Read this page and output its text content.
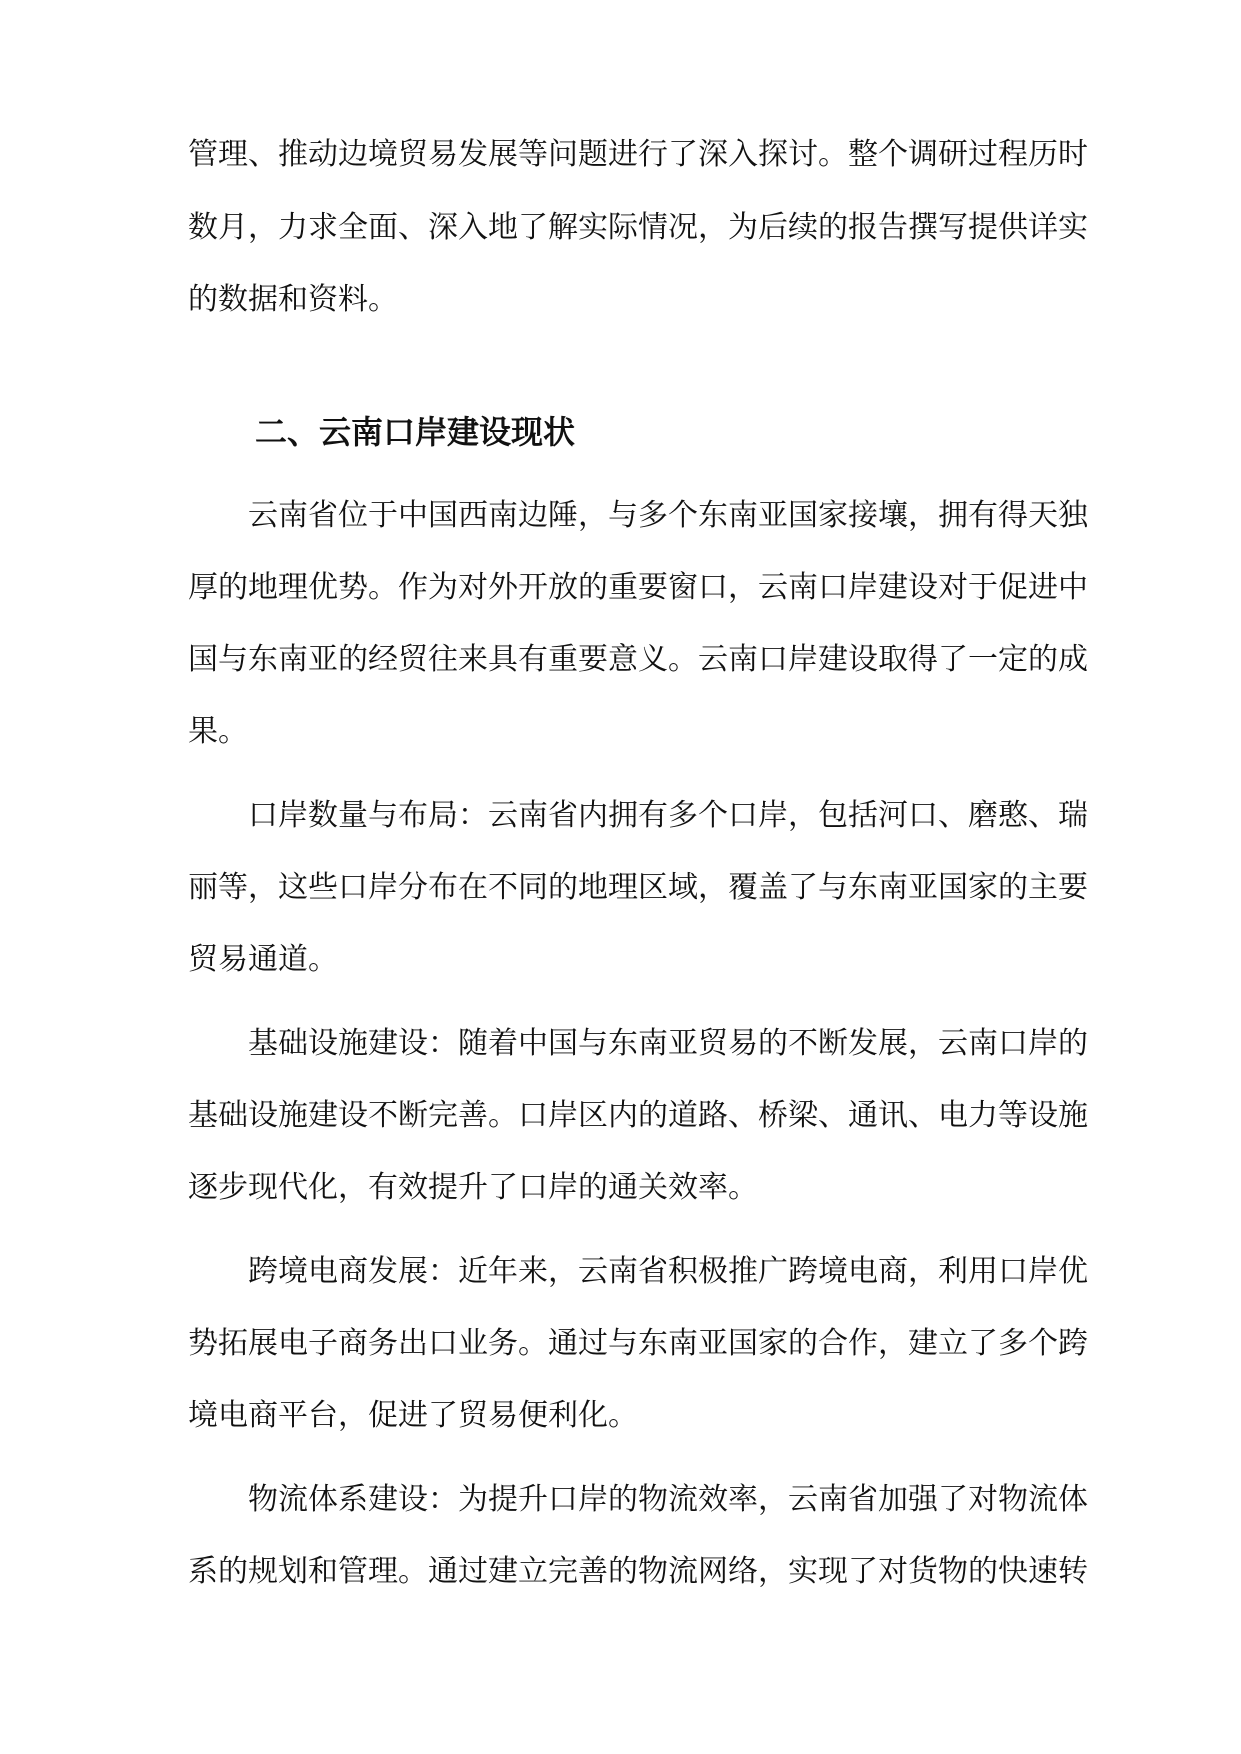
管理、推动边境贸易发展等问题进行了深入探讨。整个调研过程历时
数月，力求全面、深入地了解实际情况，为后续的报告撰写提供详实
的数据和资料。
二、云南口岸建设现状
云南省位于中国西南边陲，与多个东南亚国家接壤，拥有得天独
厚的地理优势。作为对外开放的重要窗口，云南口岸建设对于促进中
国与东南亚的经贸往来具有重要意义。云南口岸建设取得了一定的成
果。
口岸数量与布局：云南省内拥有多个口岸，包括河口、磨憨、瑞
丽等，这些口岸分布在不同的地理区域，覆盖了与东南亚国家的主要
贸易通道。
基础设施建设：随着中国与东南亚贸易的不断发展，云南口岸的
基础设施建设不断完善。口岸区内的道路、桥梁、通讯、电力等设施
逐步现代化，有效提升了口岸的通关效率。
跨境电商发展：近年来，云南省积极推广跨境电商，利用口岸优
势拓展电子商务出口业务。通过与东南亚国家的合作，建立了多个跨
境电商平台，促进了贸易便利化。
物流体系建设：为提升口岸的物流效率，云南省加强了对物流体
系的规划和管理。通过建立完善的物流网络，实现了对货物的快速转
